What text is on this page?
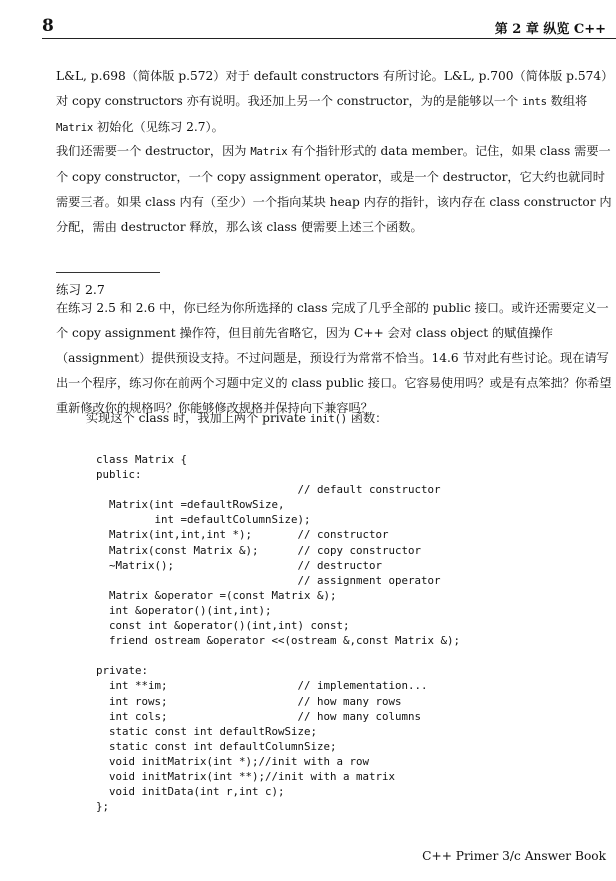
8	第 2 章 纵览 C++

L&L, p.698（简体版 p.572）对于 default constructors 有所讨论。L&L, p.700（简体版 p.574）对 copy constructors 亦有说明。我还加上另一个 constructor，为的是能够以一个 ints 数组将 Matrix 初始化（见练习 2.7）。

我们还需要一个 destructor，因为 Matrix 有个指针形式的 data member。记住，如果 class 需要一个 copy constructor，一个 copy assignment operator，或是一个 destructor，它大约也就同时需要三者。如果 class 内有（至少）一个指向某块 heap 内存的指针，该内存在 class constructor 内分配，需由 destructor 释放，那么该 class 便需要上述三个函数。

练习 2.7

在练习 2.5 和 2.6 中，你已经为你所选择的 class 完成了几乎全部的 public 接口。或许还需要定义一个 copy assignment 操作符，但目前先省略它，因为 C++ 会对 class object 的赋值操作（assignment）提供预设支持。不过问题是，预设行为常常不恰当。14.6 节对此有些讨论。现在请写出一个程序，练习你在前两个习题中定义的 class public 接口。它容易使用吗？或是有点笨拙？你希望重新修改你的规格吗？你能够修改规格并保持向下兼容吗？

实现这个 class 时，我加上两个 private init() 函数：

class Matrix {
public:
// default constructor
Matrix(int =defaultRowSize,
int =defaultColumnSize);
Matrix(int,int,int *);       // constructor
Matrix(const Matrix &);      // copy constructor
~Matrix();                   // destructor
// assignment operator
Matrix &operator =(const Matrix &);
int &operator()(int,int);
const int &operator()(int,int) const;
friend ostream &operator <<(ostream &,const Matrix &);

private:
int **im;                    // implementation...
int rows;                    // how many rows
int cols;                    // how many columns
static const int defaultRowSize;
static const int defaultColumnSize;
void initMatrix(int *);//init with a row
void initMatrix(int **);//init with a matrix
void initData(int r,int c);
};
C++ Primer 3/c Answer Book
